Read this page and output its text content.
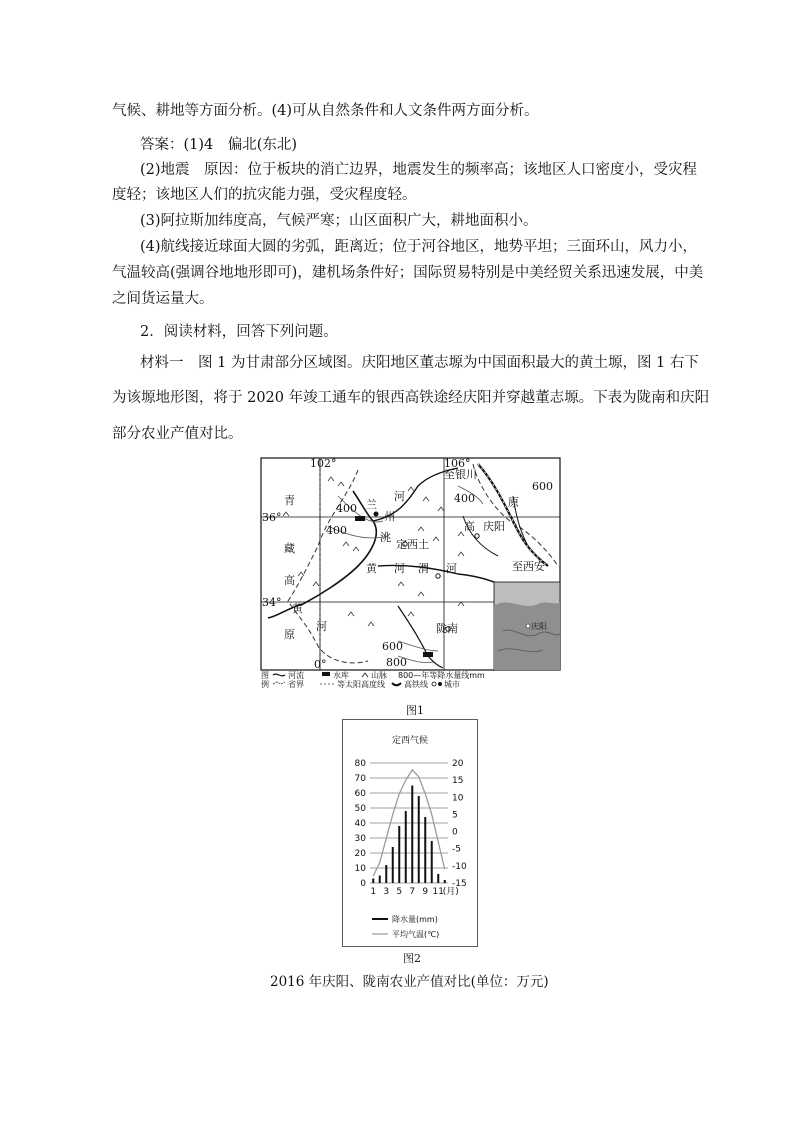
气候、耕地等方面分析。(4)可从自然条件和人文条件两方面分析。
答案：(1)4　偏北(东北)
(2)地震　原因：位于板块的消亡边界，地震发生的频率高；该地区人口密度小，受灾程
度轻；该地区人们的抗灾能力强，受灾程度轻。
(3)阿拉斯加纬度高，气候严寒；山区面积广大，耕地面积小。
(4)航线接近球面大圆的劣弧，距离近；位于河谷地区，地势平坦；三面环山，风力小，
气温较高(强调谷地地形即可)，建机场条件好；国际贸易特别是中美经贸关系迅速发展，中美
之间货运量大。
2．阅读材料，回答下列问题。
材料一　图 1 为甘肃部分区域图。庆阳地区董志塬为中国面积最大的黄土塬，图 1 右下
为该塬地形图，将于 2020 年竣工通车的银西高铁途经庆阳并穿越董志塬。下表为陇南和庆阳
部分农业产值对比。
庆阳
102°	106°
36°
34°
青
藏
高
原
黄
河
河
兰
州
洮
定西 土
黄 河 渭 河
至银川
庆阳
高
原
至西安
陇南
400
400
400
600
600
800
0°
图
例
河流	水库	山脉 800—年等降水量线mm
省界	等太阳高度线 高铁线 城市
图1
定西气候
0
10
20
30
40
50
60
70
80	20
15
10
5
0
-5
-10
-15
1 3 5 7 9 11
(月)
降水量(mm)
平均气温(℃)
图2
2016 年庆阳、陇南农业产值对比(单位：万元)
